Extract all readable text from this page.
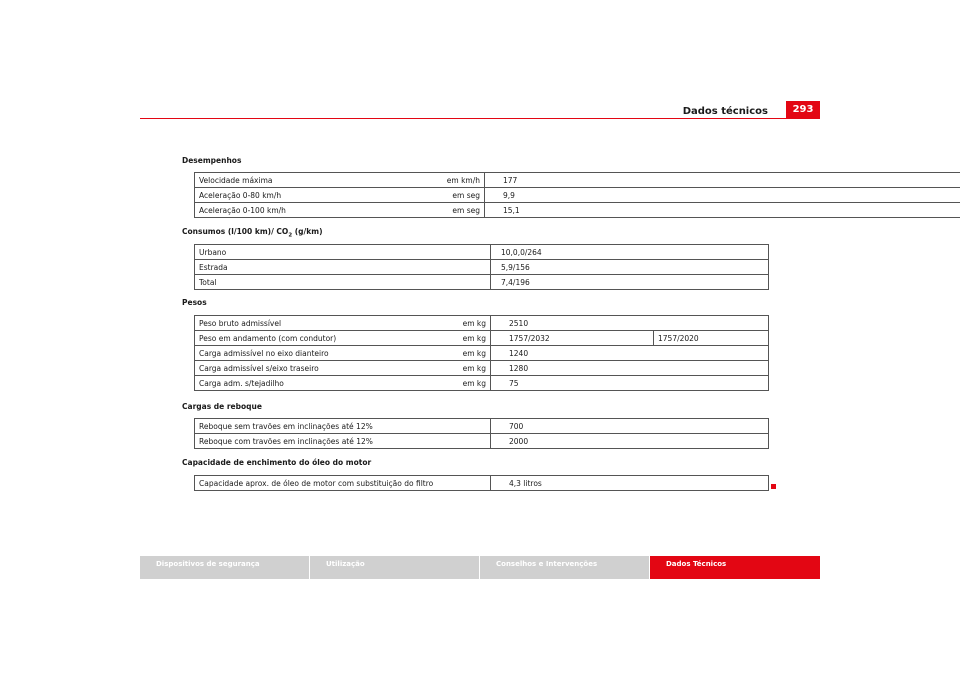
Dados técnicos	293
Desempenhos
Velocidade máxima em km/h	177
Aceleração 0-80 km/h em seg	9,9
Aceleração 0-100 km/h em seg	15,1
Consumos (l/100 km)/ $CO_2$ (g/km)
Urbano	10,0,0/264
Estrada	5,9/156
Total	7,4/196
Pesos
Peso bruto admissível em kg	2510	
Peso em andamento (com condutor) em kg	1757/2032	1757/2020
Carga admissível no eixo dianteiro em kg	1240	
Carga admissível s/eixo traseiro em kg	1280	
Carga adm. s/tejadilho em kg	75	
Cargas de reboque
Reboque sem travões em inclinações até 12%	700
Reboque com travões em inclinações até 12%	2000
Capacidade de enchimento do óleo do motor
Capacidade aprox. de óleo de motor com substituição do filtro	4,3 litros
Dispositivos de segurança	Utilização	Conselhos e Intervenções	Dados Técnicos
